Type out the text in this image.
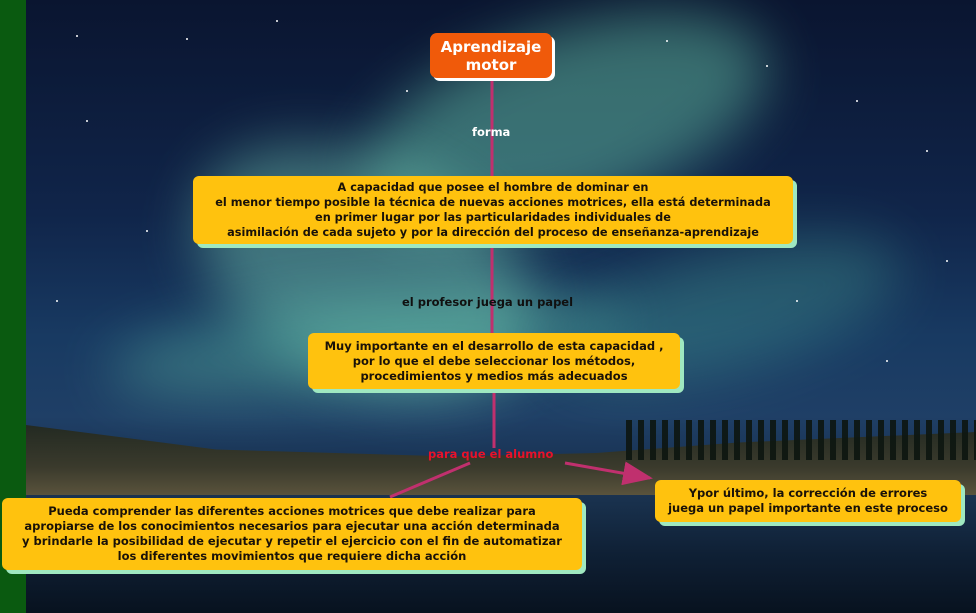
Aprendizaje
motor
forma
A capacidad que posee el hombre de dominar en
el menor tiempo posible la técnica de nuevas acciones motrices, ella está determinada
en primer lugar por las particularidades individuales de
asimilación de cada sujeto y por la dirección del proceso de enseñanza-aprendizaje
el profesor juega un papel
Muy importante en el desarrollo de esta capacidad ,
por lo que el debe seleccionar los métodos,
procedimientos y medios más adecuados
para que el alumno
Pueda comprender las diferentes acciones motrices que debe realizar para
apropiarse de los conocimientos necesarios para ejecutar una acción determinada
y brindarle la posibilidad de ejecutar y repetir el ejercicio con el fin de automatizar
los diferentes movimientos que requiere dicha acción
Ypor último, la corrección de errores
juega un papel importante en este proceso
